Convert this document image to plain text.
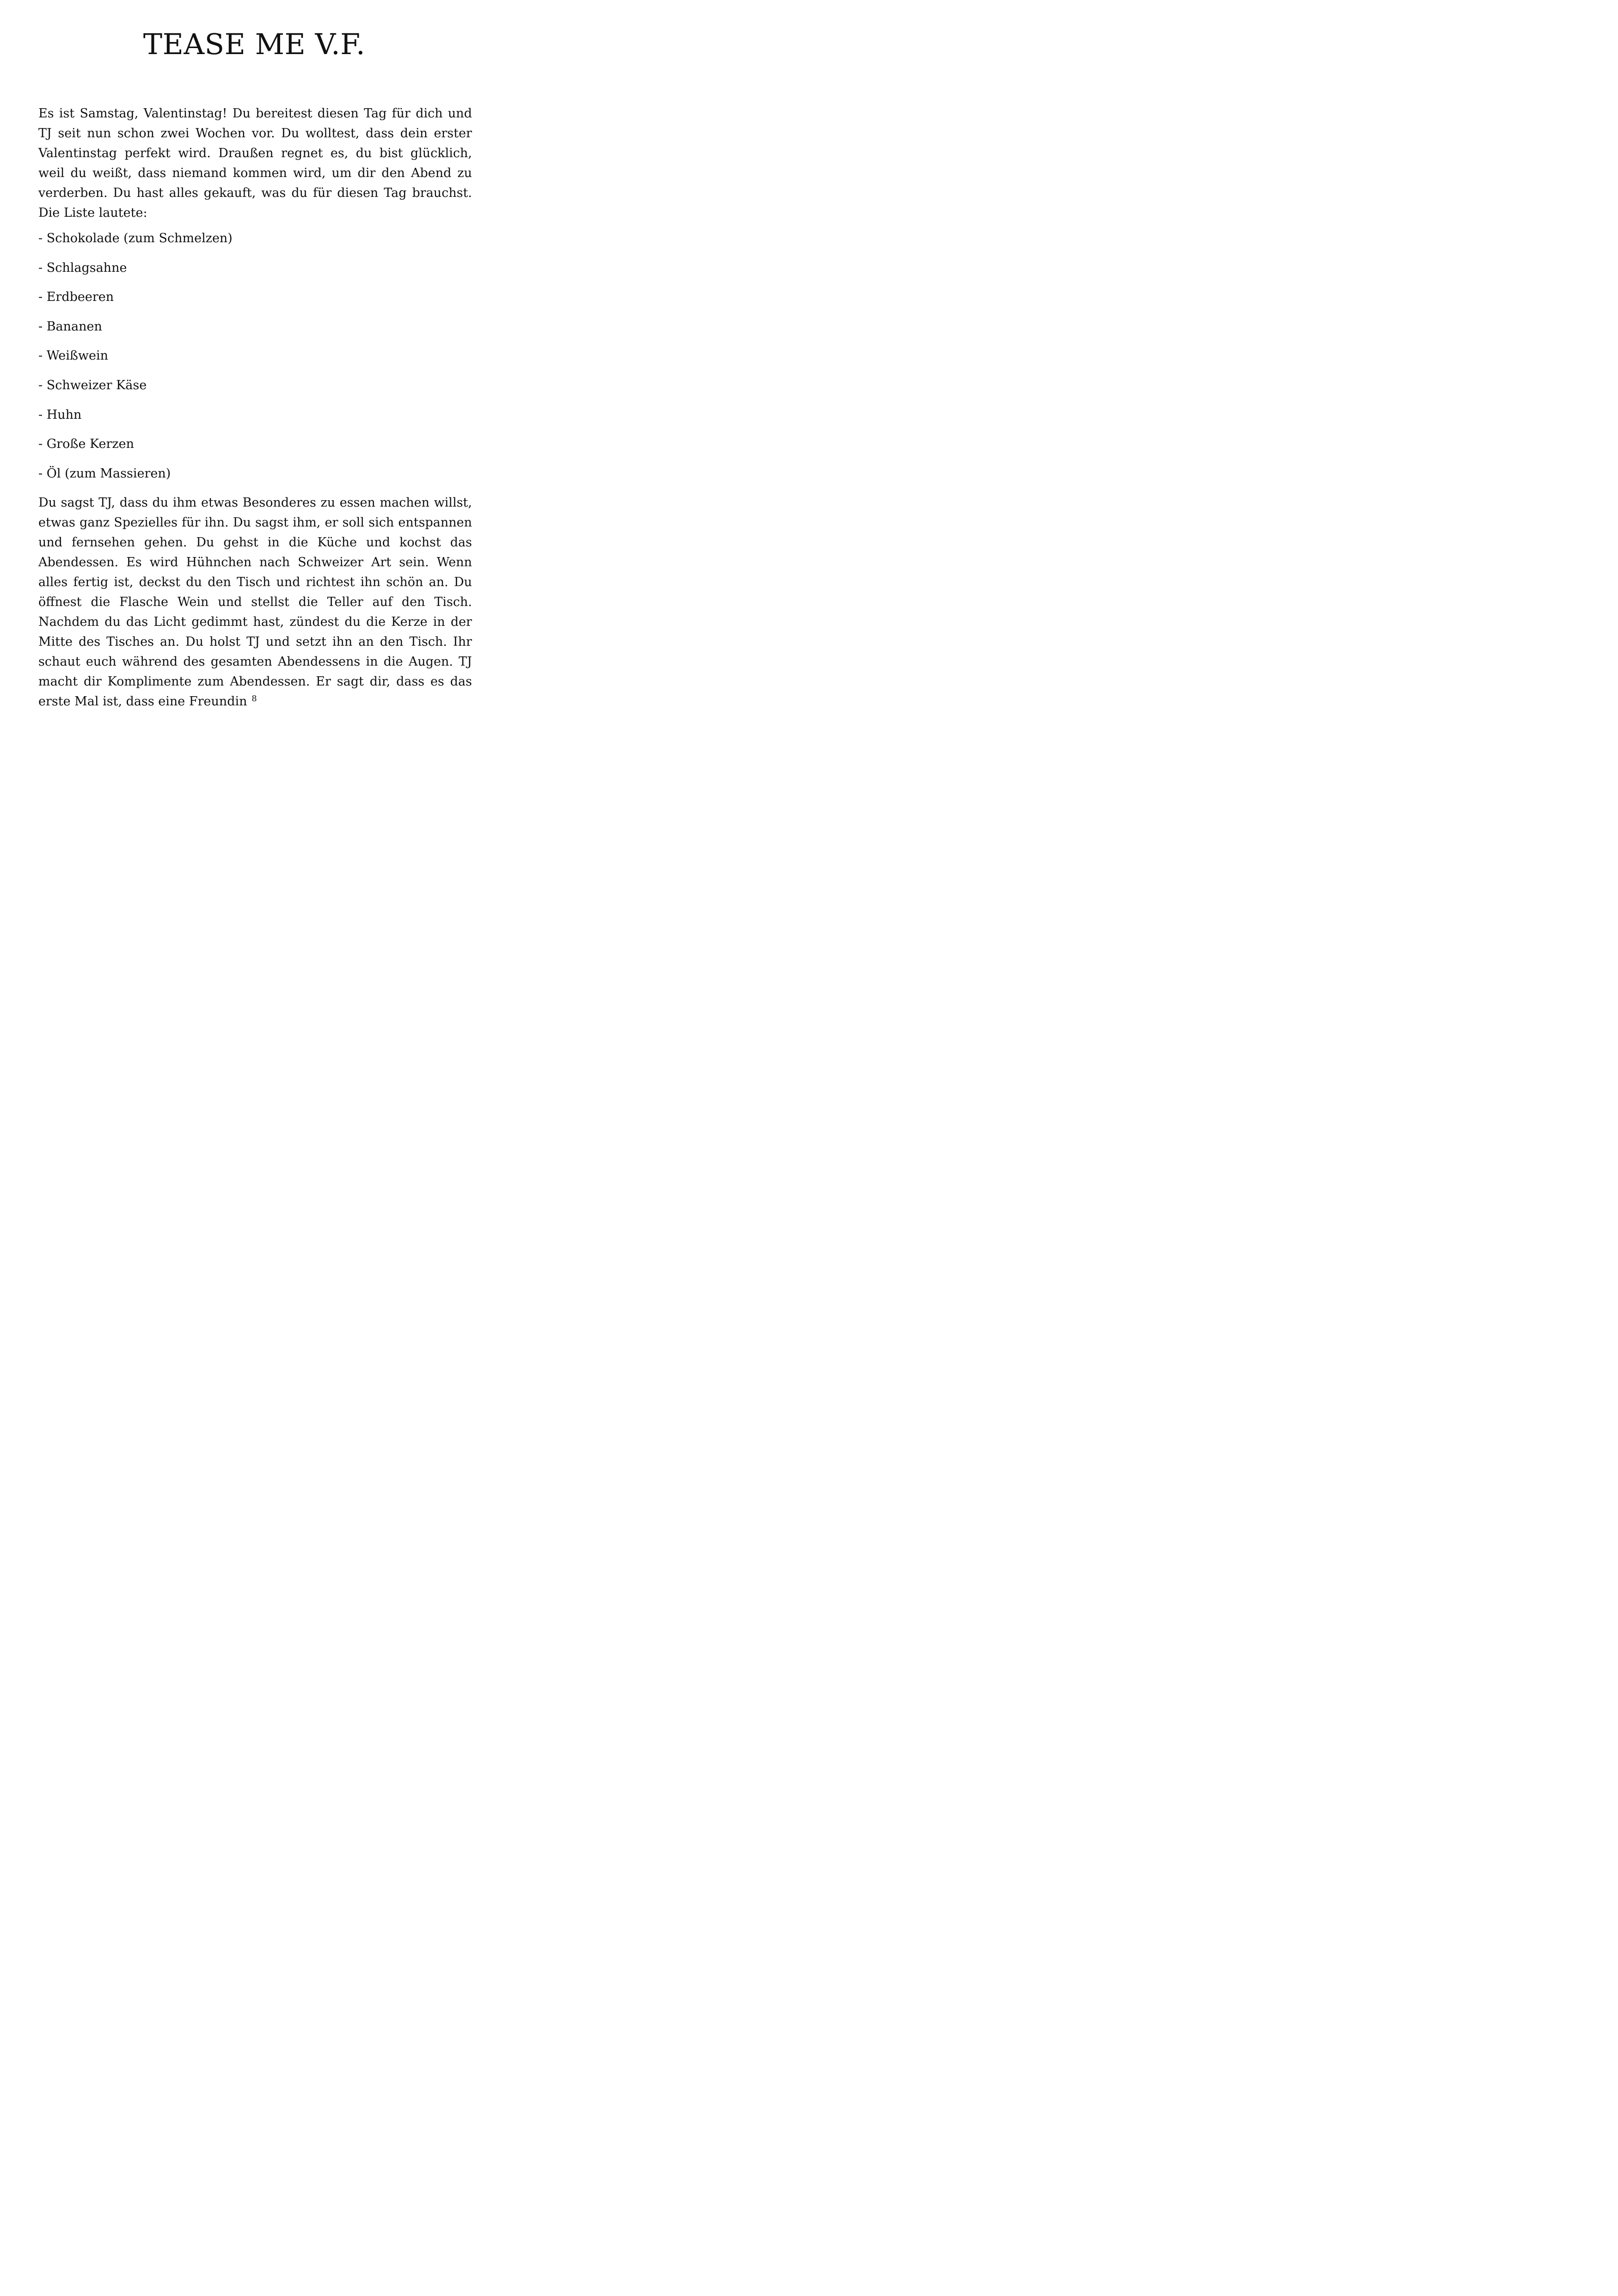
TEASE ME V.F.

Es ist Samstag, Valentinstag! Du bereitest diesen Tag für dich und TJ seit nun schon zwei Wochen vor. Du wolltest, dass dein erster Valentinstag perfekt wird. Draußen regnet es, du bist glücklich, weil du weißt, dass niemand kommen wird, um dir den Abend zu verderben. Du hast alles gekauft, was du für diesen Tag brauchst. Die Liste lautete:

- Schokolade (zum Schmelzen)
- Schlagsahne
- Erdbeeren
- Bananen
- Weißwein
- Schweizer Käse
- Huhn
- Große Kerzen
- Öl (zum Massieren)

Du sagst TJ, dass du ihm etwas Besonderes zu essen machen willst, etwas ganz Spezielles für ihn. Du sagst ihm, er soll sich entspannen und fernsehen gehen. Du gehst in die Küche und kochst das Abendessen. Es wird Hühnchen nach Schweizer Art sein. Wenn alles fertig ist, deckst du den Tisch und richtest ihn schön an. Du öffnest die Flasche Wein und stellst die Teller auf den Tisch. Nachdem du das Licht gedimmt hast, zündest du die Kerze in der Mitte des Tisches an. Du holst TJ und setzt ihn an den Tisch. Ihr schaut euch während des gesamten Abendessens in die Augen. TJ macht dir Komplimente zum Abendessen. Er sagt dir, dass es das erste Mal ist, dass eine Freundin 8
